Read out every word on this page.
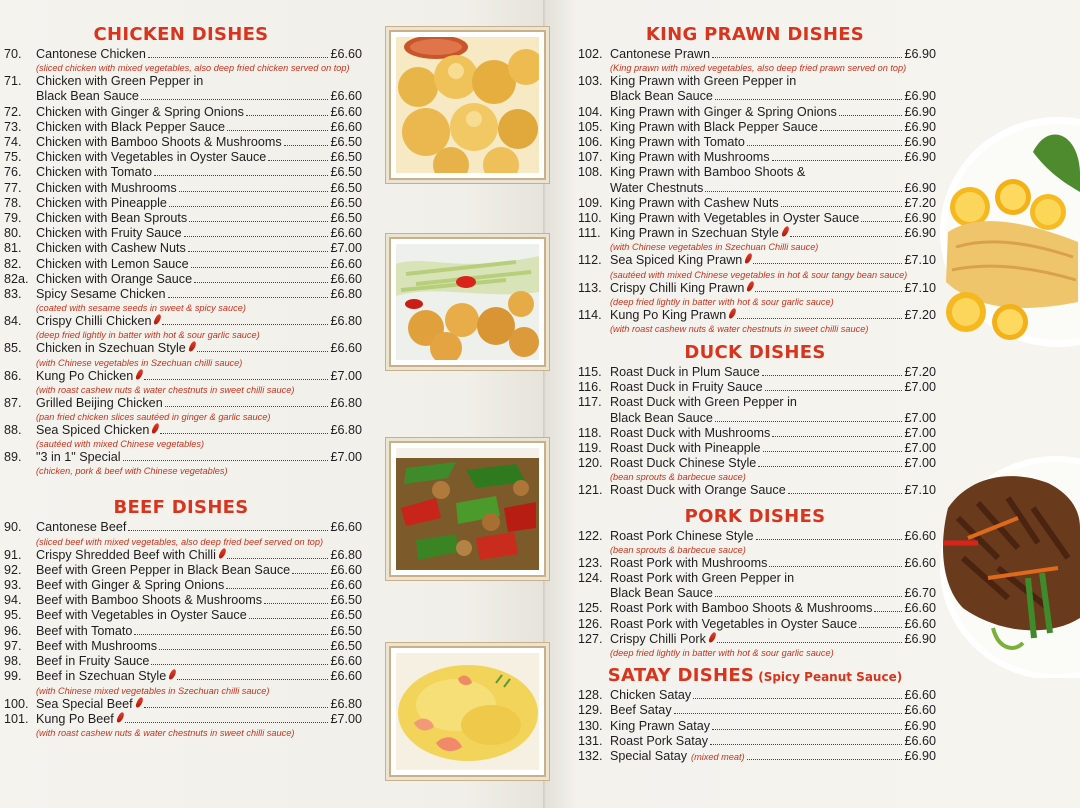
CHICKEN DISHES
70.	Cantonese Chicken	£6.60
(sliced chicken with mixed vegetables, also deep fried chicken served on top)
71.	Chicken with Green Pepper in
Black Bean Sauce	£6.60
72.	Chicken with Ginger & Spring Onions	£6.60
73.	Chicken with Black Pepper Sauce	£6.60
74.	Chicken with Bamboo Shoots & Mushrooms	£6.50
75.	Chicken with Vegetables in Oyster Sauce	£6.50
76.	Chicken with Tomato	£6.50
77.	Chicken with Mushrooms	£6.50
78.	Chicken with Pineapple	£6.50
79.	Chicken with Bean Sprouts	£6.50
80.	Chicken with Fruity Sauce	£6.60
81.	Chicken with Cashew Nuts	£7.00
82.	Chicken with Lemon Sauce	£6.60
82a. Chicken with Orange Sauce	£6.60
83.	Spicy Sesame Chicken	£6.80
(coated with sesame seeds in sweet & spicy sauce)
84.	Crispy Chilli Chicken	£6.80
(deep fried lightly in batter with hot & sour garlic sauce)
85.	Chicken in Szechuan Style	£6.60
(with Chinese vegetables in Szechuan chilli sauce)
86.	Kung Po Chicken	£7.00
(with roast cashew nuts & water chestnuts in sweet chilli sauce)
87.	Grilled Beijing Chicken	£6.80
(pan fried chicken slices sautéed in ginger & garlic sauce)
88.	Sea Spiced Chicken	£6.80
(sautéed with mixed Chinese vegetables)
89.	"3 in 1" Special	£7.00
(chicken, pork & beef with Chinese vegetables)
BEEF DISHES
90.	Cantonese Beef	£6.60
(sliced beef with mixed vegetables, also deep fried beef served on top)
91.	Crispy Shredded Beef with Chilli	£6.80
92.	Beef with Green Pepper in Black Bean Sauce	£6.60
93.	Beef with Ginger & Spring Onions	£6.60
94.	Beef with Bamboo Shoots & Mushrooms	£6.50
95.	Beef with Vegetables in Oyster Sauce	£6.50
96.	Beef with Tomato	£6.50
97.	Beef with Mushrooms	£6.50
98.	Beef in Fruity Sauce	£6.60
99.	Beef in Szechuan Style	£6.60
(with Chinese mixed vegetables in Szechuan chilli sauce)
100. Sea Special Beef	£6.80
101. Kung Po Beef	£7.00
(with roast cashew nuts & water chestnuts in sweet chilli sauce)
KING PRAWN DISHES
102. Cantonese Prawn	£6.90
(King prawn with mixed vegetables, also deep fried prawn served on top)
103. King Prawn with Green Pepper in
Black Bean Sauce	£6.90
104. King Prawn with Ginger & Spring Onions	£6.90
105. King Prawn with Black Pepper Sauce	£6.90
106. King Prawn with Tomato	£6.90
107. King Prawn with Mushrooms	£6.90
108. King Prawn with Bamboo Shoots &
Water Chestnuts	£6.90
109. King Prawn with Cashew Nuts	£7.20
110. King Prawn with Vegetables in Oyster Sauce	£6.90
111. King Prawn in Szechuan Style	£6.90
(with Chinese vegetables in Szechuan Chilli sauce)
112. Sea Spiced King Prawn	£7.10
(sautéed with mixed Chinese vegetables in hot & sour tangy bean sauce)
113. Crispy Chilli King Prawn	£7.10
(deep fried lightly in batter with hot & sour garlic sauce)
114. Kung Po King Prawn	£7.20
(with roast cashew nuts & water chestnuts in sweet chilli sauce)
DUCK DISHES
115. Roast Duck in Plum Sauce	£7.20
116. Roast Duck in Fruity Sauce	£7.00
117. Roast Duck with Green Pepper in
Black Bean Sauce	£7.00
118. Roast Duck with Mushrooms	£7.00
119. Roast Duck with Pineapple	£7.00
120. Roast Duck Chinese Style	£7.00
(bean sprouts & barbecue sauce)
121. Roast Duck with Orange Sauce	£7.10
PORK DISHES
122. Roast Pork Chinese Style	£6.60
(bean sprouts & barbecue sauce)
123. Roast Pork with Mushrooms	£6.60
124. Roast Pork with Green Pepper in
Black Bean Sauce	£6.70
125. Roast Pork with Bamboo Shoots & Mushrooms	£6.60
126. Roast Pork with Vegetables in Oyster Sauce	£6.60
127. Crispy Chilli Pork	£6.90
(deep fried lightly in batter with hot & sour garlic sauce)
SATAY DISHES (Spicy Peanut Sauce)
128. Chicken Satay	£6.60
129. Beef Satay	£6.60
130. King Prawn Satay	£6.90
131. Roast Pork Satay	£6.60
132. Special Satay (mixed meat)	£6.90
